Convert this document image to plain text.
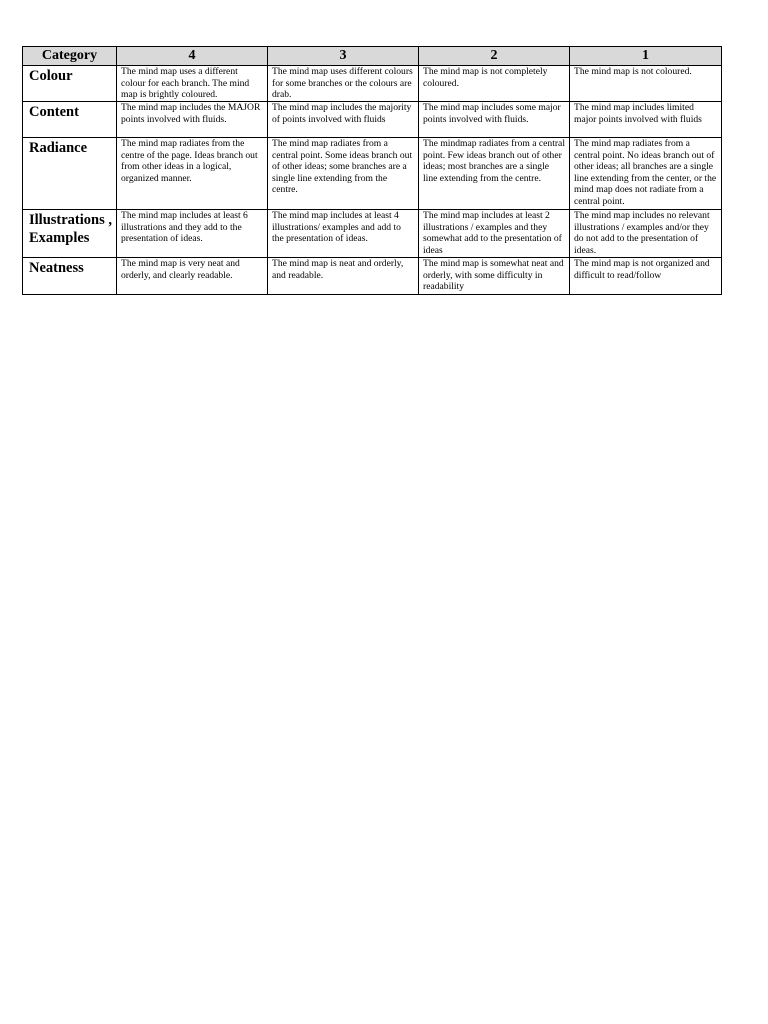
Category	4	3	2	1
Colour	The mind map uses a different colour for each branch. The mind map is brightly coloured.	The mind map uses different colours for some branches or the colours are drab.	The mind map is not completely coloured.	The mind map is not coloured.
Content	The mind map includes the MAJOR points involved with fluids.	The mind map includes the majority of points involved with fluids	The mind map includes some major points involved with fluids.	The mind map includes limited major points involved with fluids
Radiance	The mind map radiates from the centre of the page. Ideas branch out from other ideas in a logical, organized manner.	The mind map radiates from a central point. Some ideas branch out of other ideas; some branches are a single line extending from the centre.	The mindmap radiates from a central point. Few ideas branch out of other ideas; most branches are a single line extending from the centre.	The mind map radiates from a central point. No ideas branch out of other ideas; all branches are a single line extending from the center, or the mind map does not radiate from a central point.
Illustrations , Examples	The mind map includes at least 6 illustrations and they add to the presentation of ideas.	The mind map includes at least 4 illustrations/ examples and add to the presentation of ideas.	The mind map includes at least 2 illustrations / examples and they somewhat add to the presentation of ideas	The mind map includes no relevant illustrations / examples and/or they do not add to the presentation of ideas.
Neatness	The mind map is very neat and orderly, and clearly readable.	The mind map is neat and orderly, and readable.	The mind map is somewhat neat and orderly, with some difficulty in readability	The mind map is not organized and difficult to read/follow
